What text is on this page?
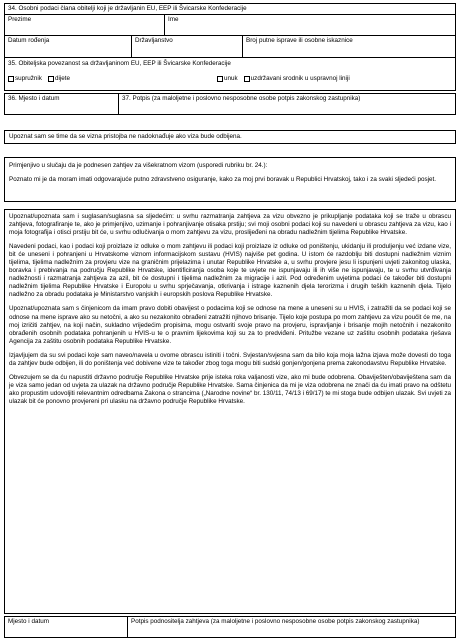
34. Osobni podaci člana obitelji koji je državljanin EU, EEP ili Švicarske Konfederacije
Prezime	Ime
Datum rođenja	Državljanstvo	Broj putne isprave ili osobne iskaznice
35. Obiteljska povezanost sa državljaninom EU, EEP ili Švicarske Konfederacije
supružnik dijete	unuk uzdržavani srodnik u uspravnoj liniji
36. Mjesto i datum	37. Potpis (za maloljetne i poslovno nesposobne osobe potpis zakonskog zastupnika)

Upoznat sam se time da se vizna pristojba ne nadoknađuje ako viza bude odbijena.

Primjenjivo u slučaju da je podnesen zahtjev za višekratnom vizom (usporedi rubriku br. 24.):

Poznato mi je da moram imati odgovarajuće putno zdravstveno osiguranje, kako za moj prvi boravak u Republici Hrvatskoj, tako i za svaki sljedeći posjet.

Upoznat/upoznata sam i suglasan/suglasna sa sljedećim: u svrhu razmatranja zahtjeva za vizu obvezno je prikupljanje podataka koji se traže u obrascu zahtjeva, fotografiranje te, ako je primjenjivo, uzimanje i pohranjivanje otisaka prstiju; svi moji osobni podaci koji su navedeni u obrascu zahtjeva za vizu, kao i moja fotografija i otisci prstiju bit će, u svrhu odlučivanja o mom zahtjevu za vizu, proslijeđeni na obradu nadležnim tijelima Republike Hrvatske.

Navedeni podaci, kao i podaci koji proizlaze iz odluke o mom zahtjevu ili podaci koji proizlaze iz odluke od poništenju, ukidanju ili produljenju već izdane vize, bit će uneseni i pohranjeni u Hrvatskome viznom informacijskom sustavu (HVIS) najviše pet godina. U istom će razdoblju biti dostupni nadležnim viznim tijelima, tijelima nadležnim za provjeru vize na graničnim prijelazima i unutar Republike Hrvatske a, u svrhu provjere jesu li ispunjeni uvjeti zakonitog ulaska, boravka i prebivanja na području Republike Hrvatske, identificiranja osoba koje te uvjete ne ispunjavaju ili ih više ne ispunjavaju, te u svrhu utvrđivanja nadležnosti i razmatranja zahtjeva za azil, bit će dostupni i tijelima nadležnim za migracije i azil. Pod određenim uvjetima podaci će također biti dostupni nadležnim tijelima Republike Hrvatske i Europolu u svrhu sprječavanja, otkrivanja i istrage kaznenih djela terorizma i drugih teških kaznenih djela. Tijelo nadležno za obradu podataka je Ministarstvo vanjskih i europskih poslova Republike Hrvatske.

Upoznat/upoznata sam s činjenicom da imam pravo dobiti obavijest o podacima koji se odnose na mene a uneseni su u HVIS, i zatražiti da se podaci koji se odnose na mene isprave ako su netočni, a ako su nezakonito obrađeni zatražiti njihovo brisanje. Tijelo koje postupa po mom zahtjevu za vizu poučit će me, na moj izričiti zahtjev, na koji način, sukladno vrijedećim propisima, mogu ostvariti svoje pravo na provjeru, ispravljanje i brisanje mojih netočnih i nezakonito obrađenih osobnih podataka pohranjenih u HVIS-u te o pravnim lijekovima koji su za to predviđeni. Pritužbe vezane uz zaštitu osobnih podataka rješava Agencija za zaštitu osobnih podataka Republike Hrvatske.

Izjavljujem da su svi podaci koje sam naveo/navela u ovome obrascu istiniti i točni. Svjestan/svjesna sam da bilo koja moja lažna izjava može dovesti do toga da zahtjev bude odbijen, ili do poništenja već dobivene vize te također zbog toga mogu biti sudski gonjen/gonjena prema zakonodavstvu Republike Hrvatske.

Obvezujem se da ću napustiti državno područje Republike Hrvatske prije isteka roka valjanosti vize, ako mi bude odobrena. Obaviješten/obaviještena sam da je viza samo jedan od uvjeta za ulazak na državno područje Republike Hrvatske. Sama činjenica da mi je viza odobrena ne znači da ću imati pravo na odštetu ako propustim udovoljiti relevantnim odredbama Zakona o strancima („Narodne novine“ br. 130/11, 74/13 i 69/17) te mi stoga bude odbijen ulazak. Svi uvjeti za ulazak bit će ponovno provjereni pri ulasku na državno područje Republike Hrvatske.

Mjesto i datum	Potpis podnositelja zahtjeva (za maloljetne i poslovno nesposobne osobe potpis zakonskog zastupnika)
